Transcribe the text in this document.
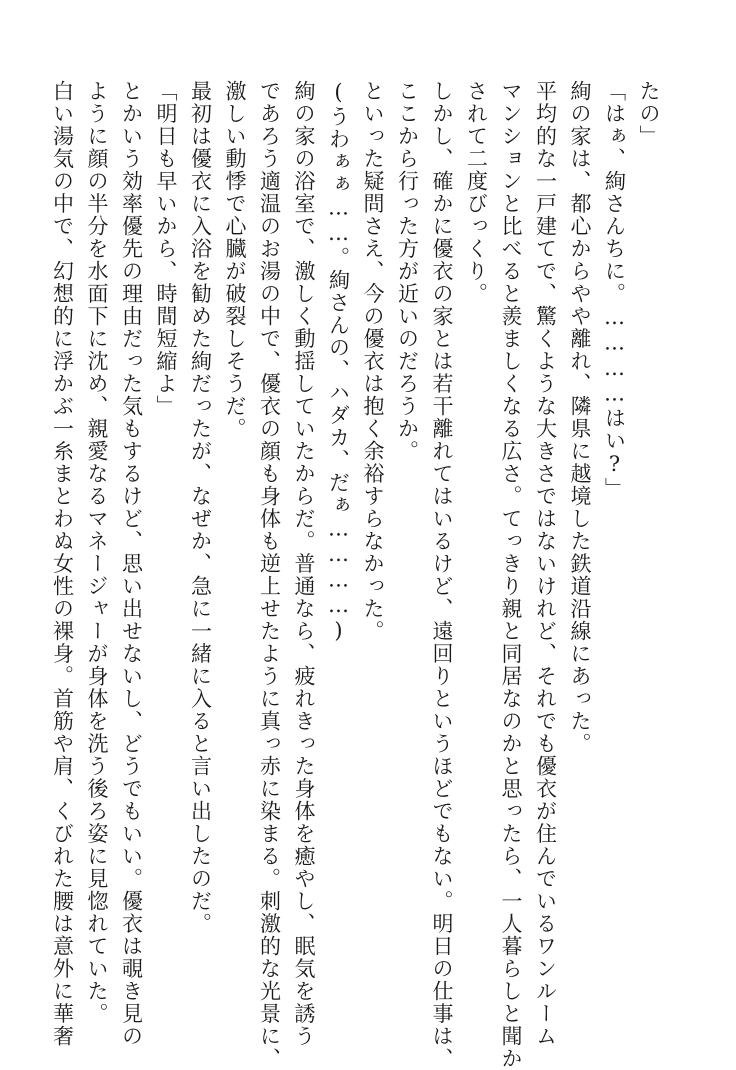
たの」
「はぁ、絢さんちに。…………はい?」
絢の家は、都心からやや離れ、隣県に越境した鉄道沿線にあった。
平均的な一戸建てで、驚くような大きさではないけれど、それでも優衣が住んでいるワンルーム
マンションと比べると羨ましくなる広さ。てっきり親と同居なのかと思ったら、一人暮らしと聞か
されて二度びっくり。
しかし、確かに優衣の家とは若干離れてはいるけど、遠回りというほどでもない。明日の仕事は、
ここから行った方が近いのだろうか。
といった疑問さえ、今の優衣は抱く余裕すらなかった。
(うわぁぁ……。絢さんの、ハダカ、だぁ…………)
絢の家の浴室で、激しく動揺していたからだ。普通なら、疲れきった身体を癒やし、眠気を誘う
であろう適温のお湯の中で、優衣の顔も身体も逆上せたように真っ赤に染まる。刺激的な光景に、
激しい動悸で心臓が破裂しそうだ。
最初は優衣に入浴を勧めた絢だったが、なぜか、急に一緒に入ると言い出したのだ。
「明日も早いから、時間短縮よ」
とかいう効率優先の理由だった気もするけど、思い出せないし、どうでもいい。優衣は覗き見の
ように顔の半分を水面下に沈め、親愛なるマネージャーが身体を洗う後ろ姿に見惚れていた。
白い湯気の中で、幻想的に浮かぶ一糸まとわぬ女性の裸身。首筋や肩、くびれた腰は意外に華奢
